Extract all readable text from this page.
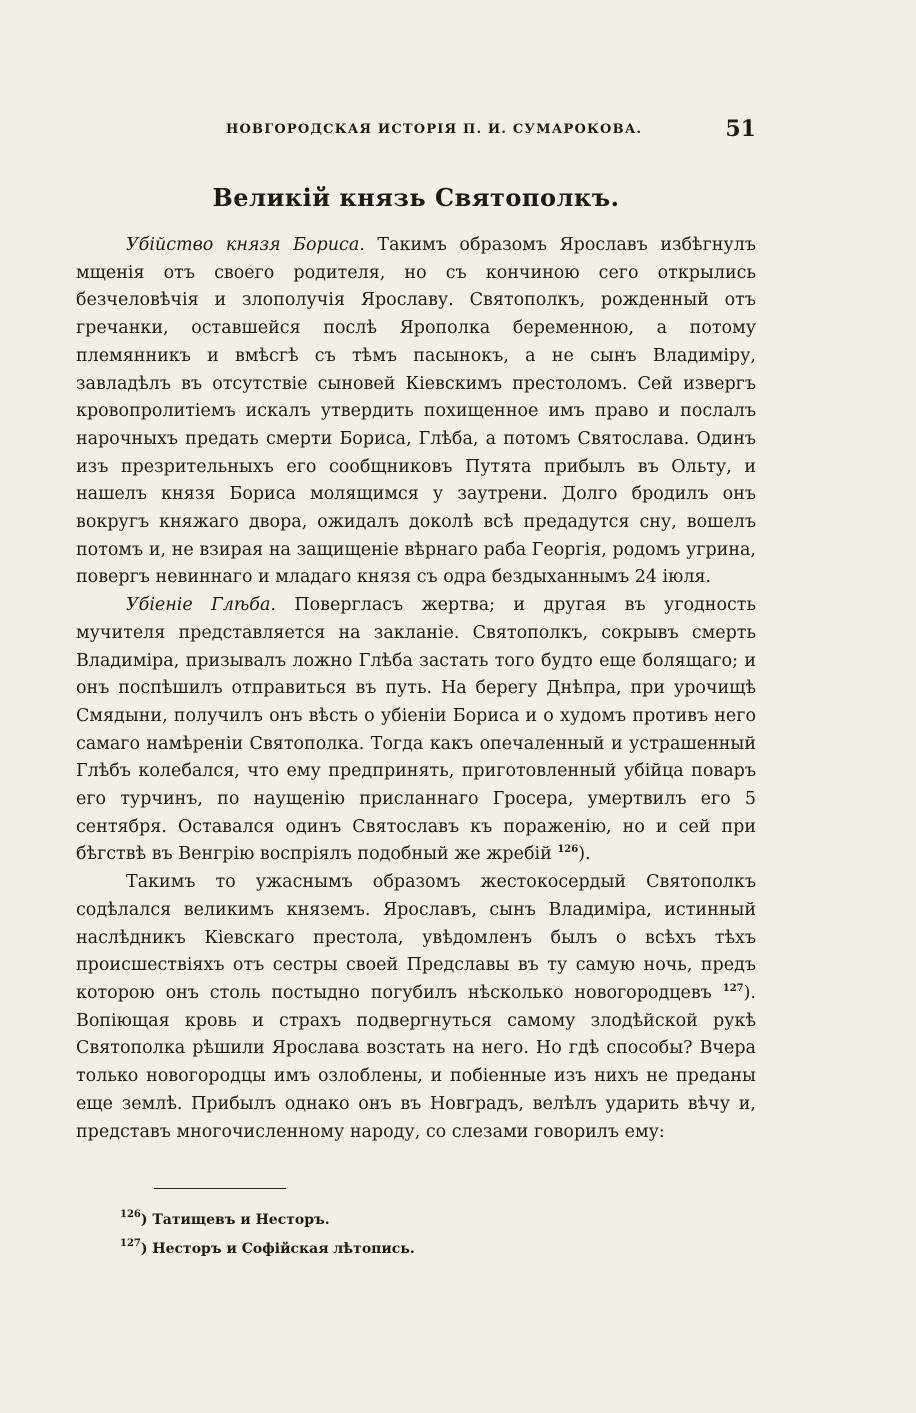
НОВГОРОДСКАЯ ИСТОРІЯ П. И. СУМАРОКОВА.	51
Великій князь Святополкъ.

Убійство князя Бориса. Такимъ образомъ Ярославъ избѣгнулъ мщенія отъ своего родителя, но съ кончиною сего открылись безчеловѣчія и злополучія Ярославу. Святополкъ, рожденный отъ гречанки, оставшейся послѣ Ярополка беременною, а потому племянникъ и вмѣсгѣ съ тѣмъ пасынокъ, а не сынъ Владиміру, завладѣлъ въ отсутствіе сыновей Кіевскимъ престоломъ. Сей извергъ кровопролитіемъ искалъ утвердить похищенное имъ право и послалъ нарочныхъ предать смерти Бориса, Глѣба, а потомъ Святослава. Одинъ изъ презрительныхъ его сообщниковъ Путята прибылъ въ Ольту, и нашелъ князя Бориса молящимся у заутрени. Долго бродилъ онъ вокругъ княжаго двора, ожидалъ доколѣ всѣ предадутся сну, вошелъ потомъ и, не взирая на защищеніе вѣрнаго раба Георгія, родомъ угрина, повергъ невиннаго и младаго князя съ одра бездыханнымъ 24 іюля.

Убіеніе Глѣба. Повергласъ жертва; и другая въ угодность мучителя представляется на закланіе. Святополкъ, сокрывъ смерть Владиміра, призывалъ ложно Глѣба застать того будто еще болящаго; и онъ поспѣшилъ отправиться въ путь. На берегу Днѣпра, при урочищѣ Смядыни, получилъ онъ вѣсть о убіеніи Бориса и о худомъ противъ него самаго намѣреніи Святополка. Тогда какъ опечаленный и устрашенный Глѣбъ колебался, что ему предпринять, приготовленный убійца поваръ его турчинъ, по наущенію присланнаго Гросера, умертвилъ его 5 сентября. Оставался одинъ Святославъ къ пораженію, но и сей при бѣгствѣ въ Венгрію воспріялъ подобный же жребій $^{126}$).

Такимъ то ужаснымъ образомъ жестокосердый Святополкъ содѣлался великимъ княземъ. Ярославъ, сынъ Владиміра, истинный наслѣдникъ Кіевскаго престола, увѣдомленъ былъ о всѣхъ тѣхъ происшествіяхъ отъ сестры своей Предславы въ ту самую ночь, предъ которою онъ столь постыдно погубилъ нѣсколько новогородцевъ $^{127}$). Вопіющая кровь и страхъ подвергнуться самому злодѣйской рукѣ Святополка рѣшили Ярослава возстать на него. Но гдѣ способы? Вчера только новогородцы имъ озлоблены, и побіенные изъ нихъ не преданы еще землѣ. Прибылъ однако онъ въ Новградъ, велѣлъ ударить вѣчу и, представъ многочисленному народу, со слезами говорилъ ему:

$^{126}$) Татищевъ и Несторъ.

$^{127}$) Несторъ и Софійская лѣтопись.
